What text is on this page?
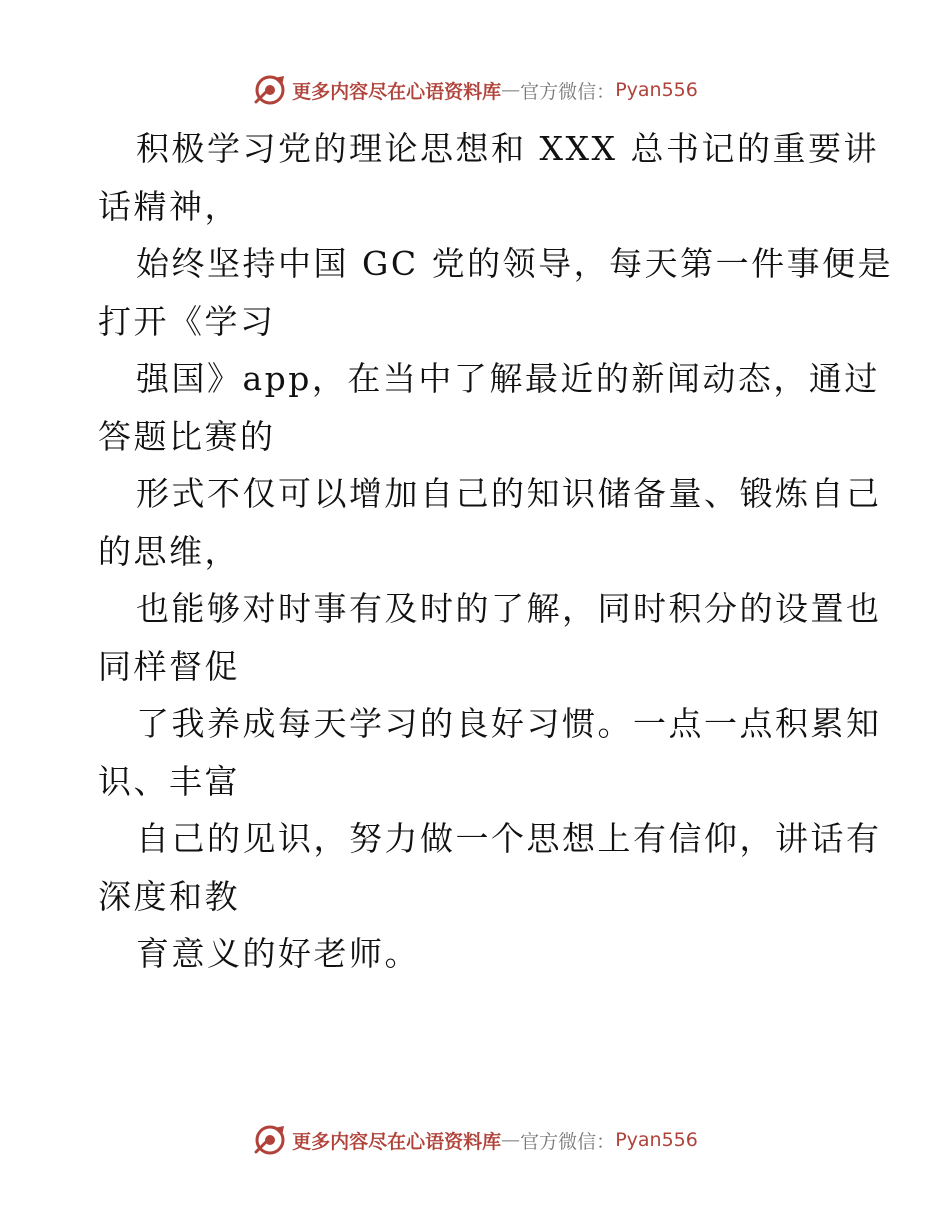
更多内容尽在心语资料库 — 官方微信： Pyan556

积极学习党的理论思想和 XXX 总书记的重要讲

话精神，

始终坚持中国 GC 党的领导，每天第一件事便是

打开《学习

强国》app，在当中了解最近的新闻动态，通过

答题比赛的

形式不仅可以增加自己的知识储备量、锻炼自己

的思维，

也能够对时事有及时的了解，同时积分的设置也

同样督促

了我养成每天学习的良好习惯。一点一点积累知

识、丰富

自己的见识，努力做一个思想上有信仰，讲话有

深度和教

育意义的好老师。

更多内容尽在心语资料库 — 官方微信： Pyan556
